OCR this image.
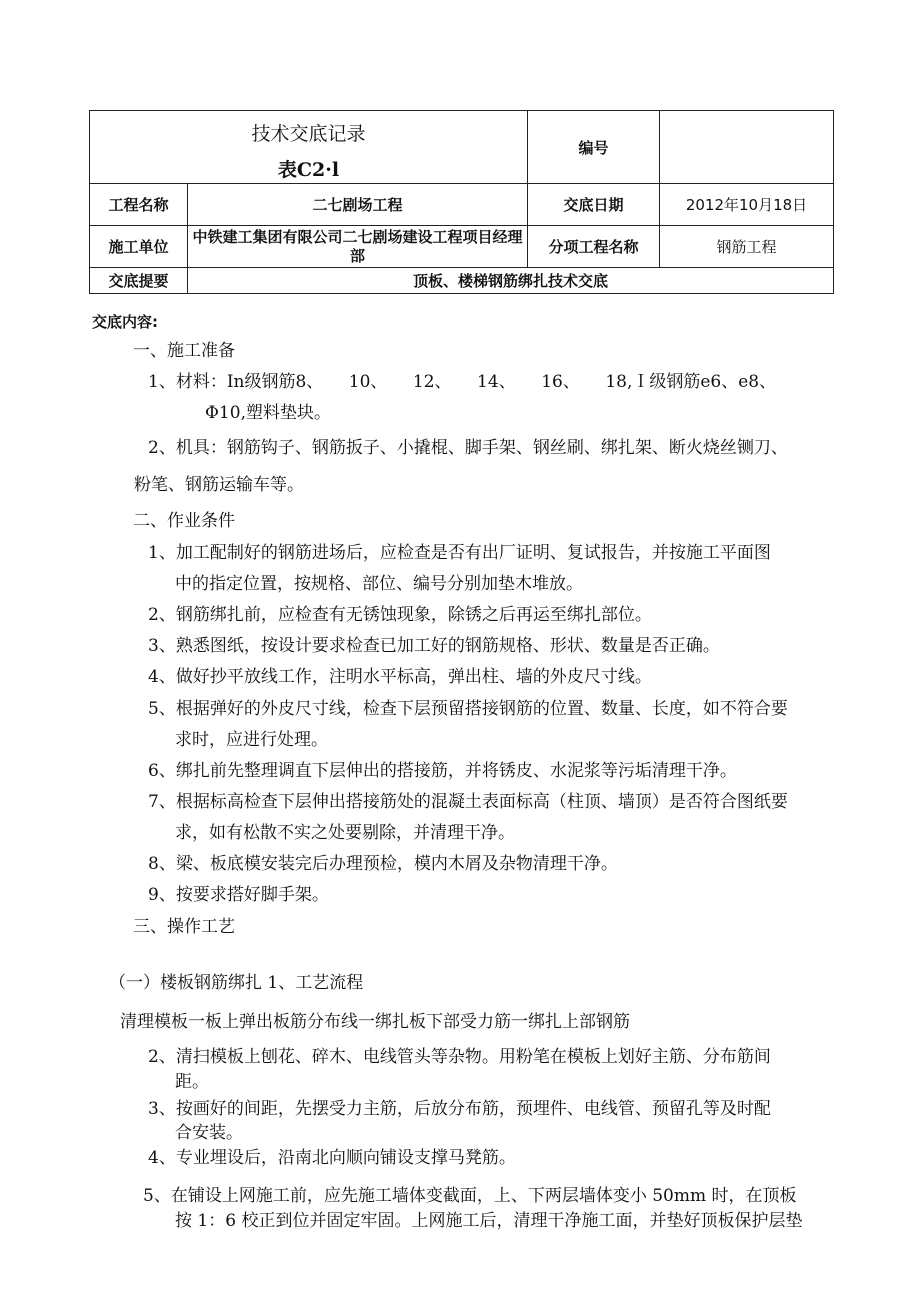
技术交底记录
表C2·l		编号	
工程名称	二七剧场工程	交底日期	2012年10月18日
施工单位	中铁建工集团有限公司二七剧场建设工程项目经理部	分项工程名称	钢筋工程
交底提要	顶板、楼梯钢筋绑扎技术交底		
交底内容:
一、施工准备
1、材料：In级钢筋8、　　10、　　12、　　14、　　16、　　18,Ｉ级钢筋e6、e8、
Φ10,塑料垫块。
2、机具：钢筋钩子、钢筋扳子、小撬棍、脚手架、钢丝刷、绑扎架、断火烧丝铡刀、
粉笔、钢筋运输车等。
二、作业条件
1、加工配制好的钢筋进场后，应检查是否有出厂证明、复试报告，并按施工平面图
中的指定位置，按规格、部位、编号分别加垫木堆放。
2、钢筋绑扎前，应检查有无锈蚀现象，除锈之后再运至绑扎部位。
3、熟悉图纸，按设计要求检查已加工好的钢筋规格、形状、数量是否正确。
4、做好抄平放线工作，注明水平标高，弹出柱、墙的外皮尺寸线。
5、根据弹好的外皮尺寸线，检查下层预留搭接钢筋的位置、数量、长度，如不符合要
求时，应进行处理。
6、绑扎前先整理调直下层伸出的搭接筋，并将锈皮、水泥浆等污垢清理干净。
7、根据标高检查下层伸出搭接筋处的混凝土表面标高（柱顶、墙顶）是否符合图纸要
求，如有松散不实之处要剔除，并清理干净。
8、梁、板底模安装完后办理预检，模内木屑及杂物清理干净。
9、按要求搭好脚手架。
三、操作工艺
（一）楼板钢筋绑扎 1、工艺流程
清理模板一板上弹出板筋分布线一绑扎板下部受力筋一绑扎上部钢筋
2、清扫模板上刨花、碎木、电线管头等杂物。用粉笔在模板上划好主筋、分布筋间
距。
3、按画好的间距，先摆受力主筋，后放分布筋，预埋件、电线管、预留孔等及时配
合安装。
4、专业埋设后，沿南北向顺向铺设支撑马凳筋。
5、在铺设上网施工前，应先施工墙体变截面，上、下两层墙体变小 50mm 时，在顶板
按 1：6 校正到位并固定牢固。上网施工后，清理干净施工面，并垫好顶板保护层垫
